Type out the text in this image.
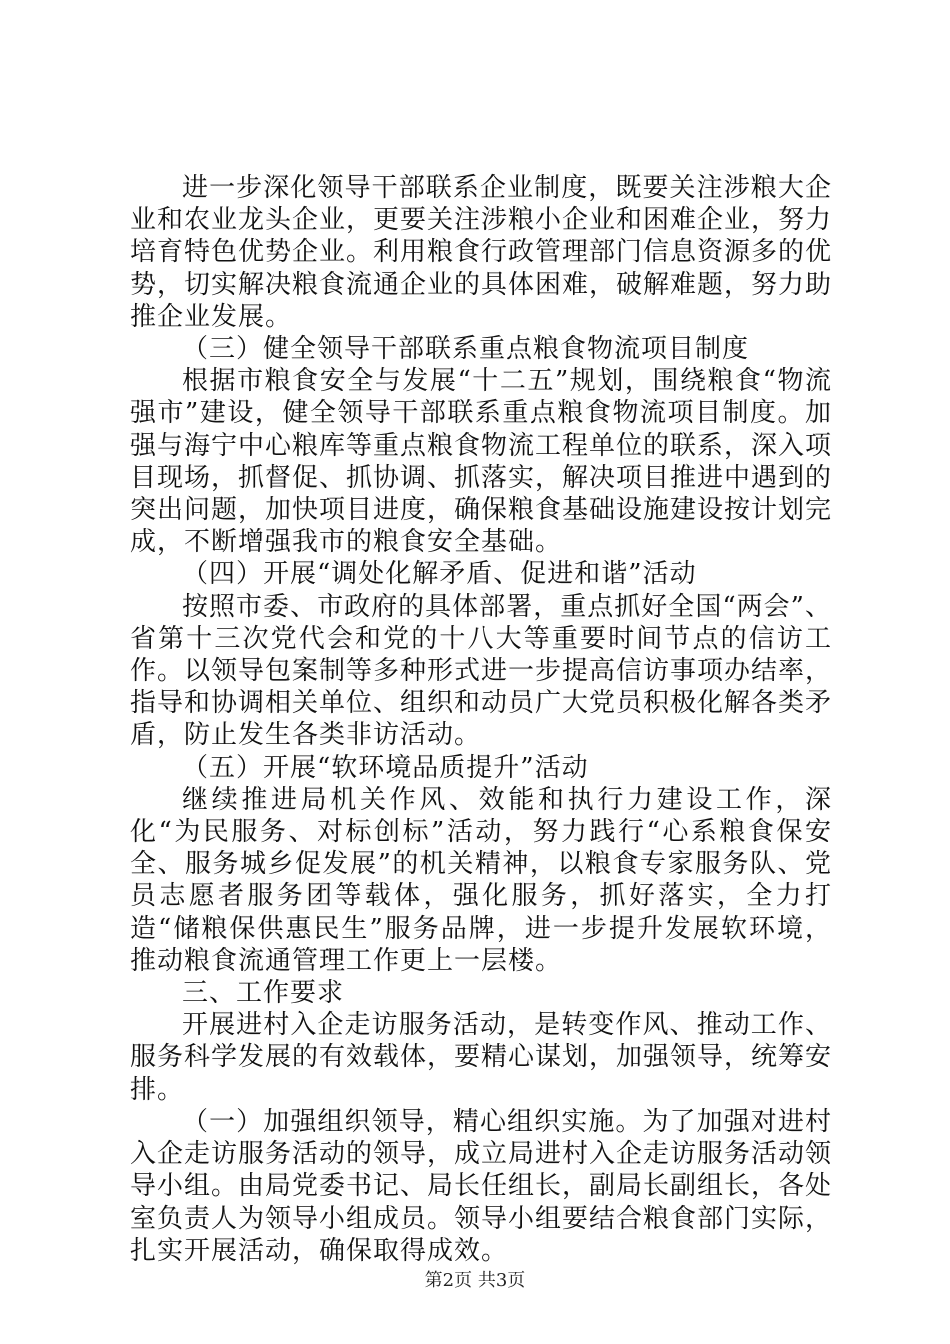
进一步深化领导干部联系企业制度，既要关注涉粮大企业和农业龙头企业，更要关注涉粮小企业和困难企业，努力培育特色优势企业。利用粮食行政管理部门信息资源多的优势，切实解决粮食流通企业的具体困难，破解难题，努力助推企业发展。

（三）健全领导干部联系重点粮食物流项目制度

根据市粮食安全与发展“十二五”规划，围绕粮食“物流强市”建设，健全领导干部联系重点粮食物流项目制度。加强与海宁中心粮库等重点粮食物流工程单位的联系，深入项目现场，抓督促、抓协调、抓落实，解决项目推进中遇到的突出问题，加快项目进度，确保粮食基础设施建设按计划完成，不断增强我市的粮食安全基础。

（四）开展“调处化解矛盾、促进和谐”活动

按照市委、市政府的具体部署，重点抓好全国“两会”、省第十三次党代会和党的十八大等重要时间节点的信访工作。以领导包案制等多种形式进一步提高信访事项办结率，指导和协调相关单位、组织和动员广大党员积极化解各类矛盾，防止发生各类非访活动。

（五）开展“软环境品质提升”活动

继续推进局机关作风、效能和执行力建设工作，深化“为民服务、对标创标”活动，努力践行“心系粮食保安全、服务城乡促发展”的机关精神，以粮食专家服务队、党员志愿者服务团等载体，强化服务，抓好落实，全力打造“储粮保供惠民生”服务品牌，进一步提升发展软环境，推动粮食流通管理工作更上一层楼。

三、工作要求

开展进村入企走访服务活动，是转变作风、推动工作、服务科学发展的有效载体，要精心谋划，加强领导，统筹安排。

（一）加强组织领导，精心组织实施。为了加强对进村入企走访服务活动的领导，成立局进村入企走访服务活动领导小组。由局党委书记、局长任组长，副局长副组长，各处室负责人为领导小组成员。领导小组要结合粮食部门实际，扎实开展活动，确保取得成效。

第2页 共3页
